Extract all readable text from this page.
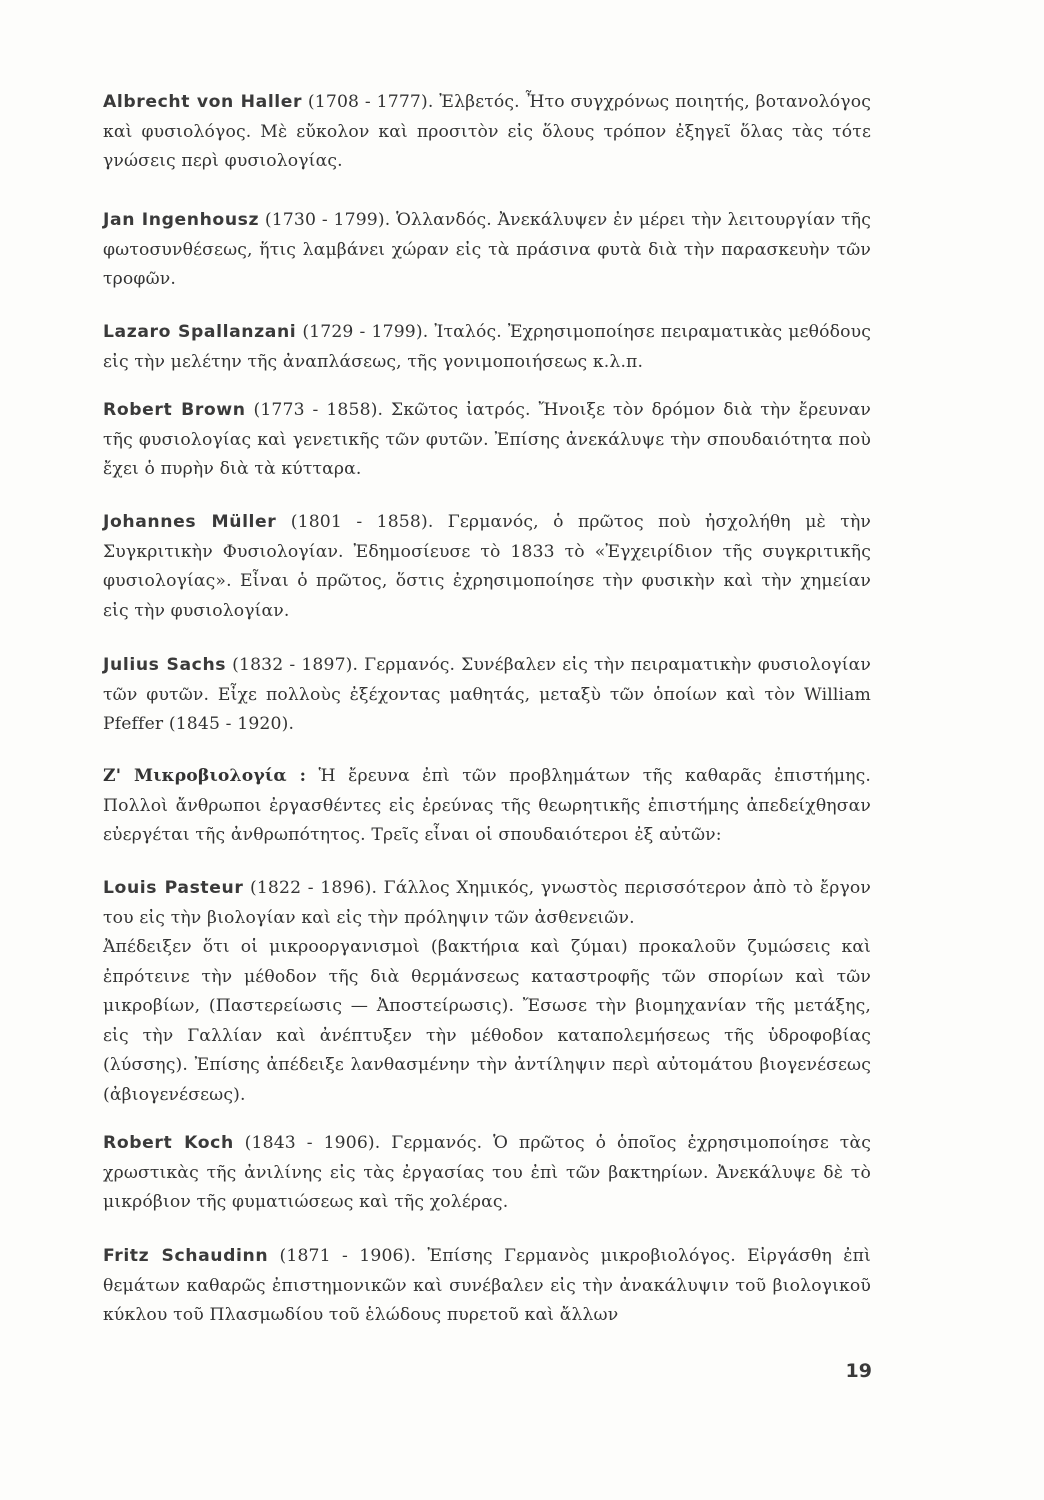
Albrecht von Haller (1708 - 1777). Ἐλβετός. Ἦτο συγχρόνως ποιητής, βοτανολόγος καὶ φυσιολόγος. Μὲ εὔκολον καὶ προσιτὸν εἰς ὅλους τρόπον ἐξηγεῖ ὅλας τὰς τότε γνώσεις περὶ φυσιολογίας.

Jan Ingenhousz (1730 - 1799). Ὁλλανδός. Ἀνεκάλυψεν ἐν μέρει τὴν λειτουργίαν τῆς φωτοσυνθέσεως, ἥτις λαμβάνει χώραν εἰς τὰ πράσινα φυτὰ διὰ τὴν παρασκευὴν τῶν τροφῶν.

Lazaro Spallanzani (1729 - 1799). Ἰταλός. Ἐχρησιμοποίησε πειραματικὰς μεθόδους εἰς τὴν μελέτην τῆς ἀναπλάσεως, τῆς γονιμοποιήσεως κ.λ.π.

Robert Brown (1773 - 1858). Σκῶτος ἰατρός. Ἤνοιξε τὸν δρόμον διὰ τὴν ἔρευναν τῆς φυσιολογίας καὶ γενετικῆς τῶν φυτῶν. Ἐπίσης ἀνεκάλυψε τὴν σπουδαιότητα ποὺ ἔχει ὁ πυρὴν διὰ τὰ κύτταρα.

Johannes Müller (1801 - 1858). Γερμανός, ὁ πρῶτος ποὺ ἠσχολήθη μὲ τὴν Συγκριτικὴν Φυσιολογίαν. Ἐδημοσίευσε τὸ 1833 τὸ «Ἐγχειρίδιον τῆς συγκριτικῆς φυσιολογίας». Εἶναι ὁ πρῶτος, ὅστις ἐχρησιμοποίησε τὴν φυσικὴν καὶ τὴν χημείαν εἰς τὴν φυσιολογίαν.

Julius Sachs (1832 - 1897). Γερμανός. Συνέβαλεν εἰς τὴν πειραματικὴν φυσιολογίαν τῶν φυτῶν. Εἶχε πολλοὺς ἐξέχοντας μαθητάς, μεταξὺ τῶν ὁποίων καὶ τὸν William Pfeffer (1845 - 1920).

Ζ' Μικροβιολογία : Ἡ ἔρευνα ἐπὶ τῶν προβλημάτων τῆς καθαρᾶς ἐπιστήμης. Πολλοὶ ἄνθρωποι ἐργασθέντες εἰς ἐρεύνας τῆς θεωρητικῆς ἐπιστήμης ἀπεδείχθησαν εὐεργέται τῆς ἀνθρωπότητος. Τρεῖς εἶναι οἱ σπουδαιότεροι ἐξ αὐτῶν:

Louis Pasteur (1822 - 1896). Γάλλος Χημικός, γνωστὸς περισσότερον ἀπὸ τὸ ἔργον του εἰς τὴν βιολογίαν καὶ εἰς τὴν πρόληψιν τῶν ἀσθενειῶν.
Ἀπέδειξεν ὅτι οἱ μικροοργανισμοὶ (βακτήρια καὶ ζύμαι) προκαλοῦν ζυμώσεις καὶ ἐπρότεινε τὴν μέθοδον τῆς διὰ θερμάνσεως καταστροφῆς τῶν σπορίων καὶ τῶν μικροβίων, (Παστερείωσις — Ἀποστείρωσις). Ἔσωσε τὴν βιομηχανίαν τῆς μετάξης, εἰς τὴν Γαλλίαν καὶ ἀνέπτυξεν τὴν μέθοδον καταπολεμήσεως τῆς ὑδροφοβίας (λύσσης). Ἐπίσης ἀπέδειξε λανθασμένην τὴν ἀντίληψιν περὶ αὐτομάτου βιογενέσεως (ἀβιογενέσεως).

Robert Koch (1843 - 1906). Γερμανός. Ὁ πρῶτος ὁ ὁποῖος ἐχρησιμοποίησε τὰς χρωστικὰς τῆς ἀνιλίνης εἰς τὰς ἐργασίας του ἐπὶ τῶν βακτηρίων. Ἀνεκάλυψε δὲ τὸ μικρόβιον τῆς φυματιώσεως καὶ τῆς χολέρας.

Fritz Schaudinn (1871 - 1906). Ἐπίσης Γερμανὸς μικροβιολόγος. Εἰργάσθη ἐπὶ θεμάτων καθαρῶς ἐπιστημονικῶν καὶ συνέβαλεν εἰς τὴν ἀνακάλυψιν τοῦ βιολογικοῦ κύκλου τοῦ Πλασμωδίου τοῦ ἑλώδους πυρετοῦ καὶ ἄλλων

19
